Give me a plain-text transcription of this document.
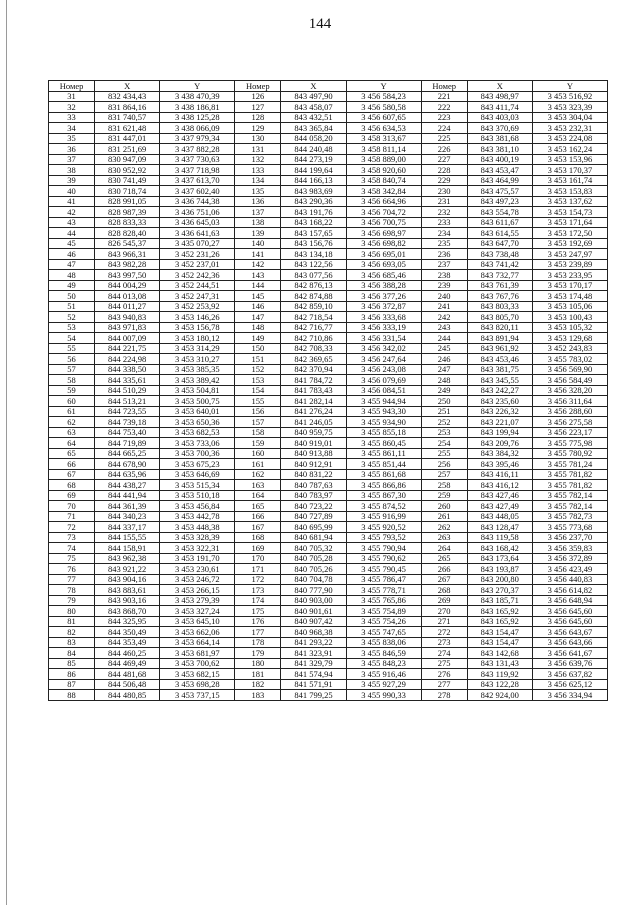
144
Номер	X	Y	Номер	X	Y	Номер	X	Y
31	832 434,43	3 438 470,39	126	843 497,90	3 456 584,23	221	843 498,97	3 453 516,92
32	831 864,16	3 438 186,81	127	843 458,07	3 456 580,58	222	843 411,74	3 453 323,39
33	831 740,57	3 438 125,28	128	843 432,51	3 456 607,65	223	843 403,03	3 453 304,04
34	831 621,48	3 438 066,09	129	843 365,84	3 456 634,53	224	843 370,69	3 453 232,31
35	831 447,01	3 437 979,34	130	844 058,20	3 458 313,67	225	843 381,68	3 453 224,08
36	831 251,69	3 437 882,28	131	844 240,48	3 458 811,14	226	843 381,10	3 453 162,24
37	830 947,09	3 437 730,63	132	844 273,19	3 458 889,00	227	843 400,19	3 453 153,96
38	830 952,92	3 437 718,98	133	844 199,64	3 458 920,60	228	843 453,47	3 453 170,37
39	830 741,49	3 437 613,70	134	844 166,13	3 458 840,74	229	843 464,99	3 453 161,74
40	830 718,74	3 437 602,40	135	843 983,69	3 458 342,84	230	843 475,57	3 453 153,83
41	828 991,05	3 436 744,38	136	843 290,36	3 456 664,96	231	843 497,23	3 453 137,62
42	828 987,39	3 436 751,06	137	843 191,76	3 456 704,72	232	843 554,78	3 453 154,73
43	828 833,33	3 436 645,03	138	843 168,22	3 456 700,75	233	843 611,67	3 453 171,64
44	828 828,40	3 436 641,63	139	843 157,65	3 456 698,97	234	843 614,55	3 453 172,50
45	826 545,37	3 435 070,27	140	843 156,76	3 456 698,82	235	843 647,70	3 453 192,69
46	843 966,31	3 452 231,26	141	843 134,18	3 456 695,01	236	843 738,48	3 453 247,97
47	843 982,28	3 452 237,01	142	843 122,56	3 456 693,05	237	843 741,42	3 453 239,89
48	843 997,50	3 452 242,36	143	843 077,56	3 456 685,46	238	843 732,77	3 453 233,95
49	844 004,29	3 452 244,51	144	842 876,13	3 456 388,28	239	843 761,39	3 453 170,17
50	844 013,08	3 452 247,31	145	842 874,88	3 456 377,26	240	843 767,76	3 453 174,48
51	844 011,27	3 452 253,92	146	842 859,10	3 456 372,87	241	843 803,33	3 453 105,06
52	843 940,83	3 453 146,26	147	842 718,54	3 456 333,68	242	843 805,70	3 453 100,43
53	843 971,83	3 453 156,78	148	842 716,77	3 456 333,19	243	843 820,11	3 453 105,32
54	844 007,09	3 453 180,12	149	842 710,86	3 456 331,54	244	843 891,94	3 453 129,68
55	844 221,75	3 453 314,29	150	842 708,33	3 456 342,02	245	843 961,92	3 452 243,83
56	844 224,98	3 453 310,27	151	842 369,65	3 456 247,64	246	843 453,46	3 455 783,02
57	844 338,50	3 453 385,35	152	842 370,94	3 456 243,08	247	843 381,75	3 456 569,90
58	844 335,61	3 453 389,42	153	841 784,72	3 456 079,69	248	843 345,55	3 456 584,49
59	844 510,29	3 453 504,81	154	841 783,43	3 456 084,51	249	843 242,27	3 456 328,20
60	844 513,21	3 453 500,75	155	841 282,14	3 455 944,94	250	843 235,60	3 456 311,64
61	844 723,55	3 453 640,01	156	841 276,24	3 455 943,30	251	843 226,32	3 456 288,60
62	844 739,18	3 453 650,36	157	841 246,05	3 455 934,90	252	843 221,07	3 456 275,58
63	844 753,40	3 453 682,53	158	840 959,75	3 455 855,18	253	843 199,94	3 456 223,17
64	844 719,89	3 453 733,06	159	840 919,01	3 455 860,45	254	843 209,76	3 455 775,98
65	844 665,25	3 453 700,36	160	840 913,88	3 455 861,11	255	843 384,32	3 455 780,92
66	844 678,90	3 453 675,23	161	840 912,91	3 455 851,44	256	843 395,46	3 455 781,24
67	844 635,96	3 453 646,69	162	840 831,22	3 455 861,68	257	843 416,11	3 455 781,82
68	844 438,27	3 453 515,34	163	840 787,63	3 455 866,86	258	843 416,12	3 455 781,82
69	844 441,94	3 453 510,18	164	840 783,97	3 455 867,30	259	843 427,46	3 455 782,14
70	844 361,39	3 453 456,84	165	840 723,22	3 455 874,52	260	843 427,49	3 455 782,14
71	844 340,23	3 453 442,78	166	840 727,89	3 455 916,99	261	843 448,05	3 455 782,73
72	844 337,17	3 453 448,38	167	840 695,99	3 455 920,52	262	843 128,47	3 455 773,68
73	844 155,55	3 453 328,39	168	840 681,94	3 455 793,52	263	843 119,58	3 456 237,70
74	844 158,91	3 453 322,31	169	840 705,32	3 455 790,94	264	843 168,42	3 456 359,83
75	843 962,38	3 453 191,70	170	840 705,28	3 455 790,62	265	843 173,64	3 456 372,89
76	843 921,22	3 453 230,61	171	840 705,26	3 455 790,45	266	843 193,87	3 456 423,49
77	843 904,16	3 453 246,72	172	840 704,78	3 455 786,47	267	843 200,80	3 456 440,83
78	843 883,61	3 453 266,15	173	840 777,90	3 455 778,71	268	843 270,37	3 456 614,82
79	843 903,16	3 453 279,39	174	840 903,00	3 455 765,86	269	843 185,71	3 456 648,94
80	843 868,70	3 453 327,24	175	840 901,61	3 455 754,89	270	843 165,92	3 456 645,60
81	844 325,95	3 453 645,10	176	840 907,42	3 455 754,26	271	843 165,92	3 456 645,60
82	844 350,49	3 453 662,06	177	840 968,38	3 455 747,65	272	843 154,47	3 456 643,67
83	844 353,49	3 453 664,14	178	841 293,22	3 455 838,06	273	843 154,47	3 456 643,66
84	844 460,25	3 453 681,97	179	841 323,91	3 455 846,59	274	843 142,68	3 456 641,67
85	844 469,49	3 453 700,62	180	841 329,79	3 455 848,23	275	843 131,43	3 456 639,76
86	844 481,68	3 453 682,15	181	841 574,94	3 455 916,46	276	843 119,92	3 456 637,82
87	844 506,48	3 453 698,28	182	841 571,91	3 455 927,29	277	843 122,28	3 456 625,12
88	844 480,85	3 453 737,15	183	841 799,25	3 455 990,33	278	842 924,00	3 456 334,94
